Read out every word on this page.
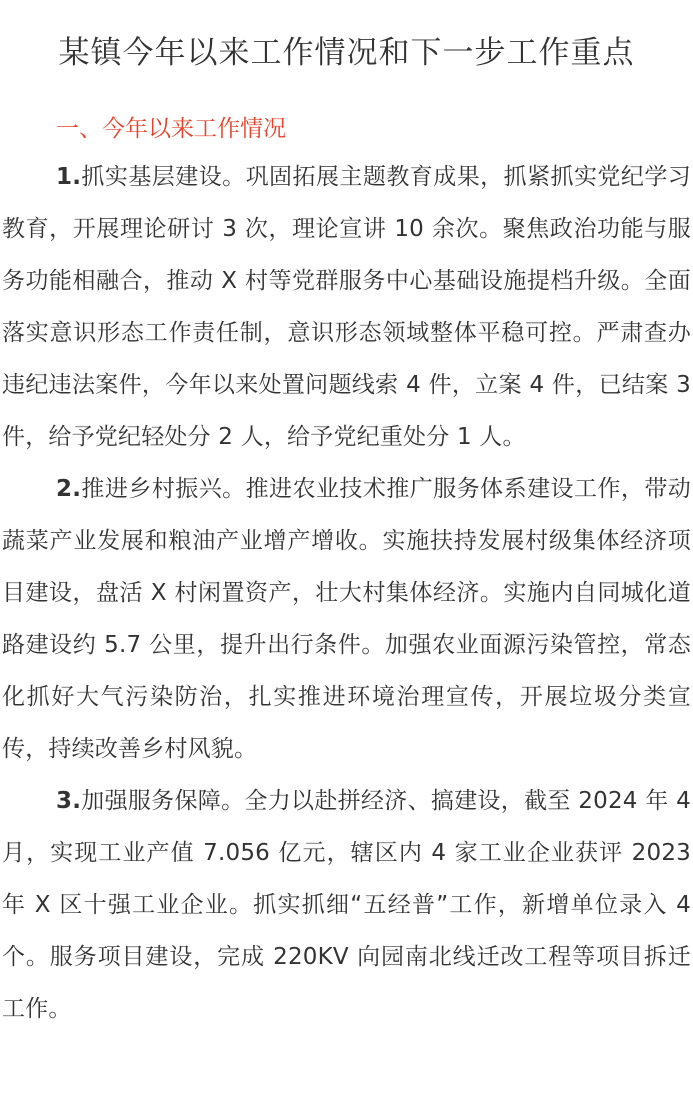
某镇今年以来工作情况和下一步工作重点
一、今年以来工作情况

1.抓实基层建设。巩固拓展主题教育成果，抓紧抓实党纪学习教育，开展理论研讨 3 次，理论宣讲 10 余次。聚焦政治功能与服务功能相融合，推动 X 村等党群服务中心基础设施提档升级。全面落实意识形态工作责任制，意识形态领域整体平稳可控。严肃查办违纪违法案件，今年以来处置问题线索 4 件，立案 4 件，已结案 3 件，给予党纪轻处分 2 人，给予党纪重处分 1 人。

2.推进乡村振兴。推进农业技术推广服务体系建设工作，带动蔬菜产业发展和粮油产业增产增收。实施扶持发展村级集体经济项目建设，盘活 X 村闲置资产，壮大村集体经济。实施内自同城化道路建设约 5.7 公里，提升出行条件。加强农业面源污染管控，常态化抓好大气污染防治，扎实推进环境治理宣传，开展垃圾分类宣传，持续改善乡村风貌。

3.加强服务保障。全力以赴拼经济、搞建设，截至 2024 年 4 月，实现工业产值 7.056 亿元，辖区内 4 家工业企业获评 2023 年 X 区十强工业企业。抓实抓细“五经普”工作，新增单位录入 4 个。服务项目建设，完成 220KV 向园南北线迁改工程等项目拆迁工作。
